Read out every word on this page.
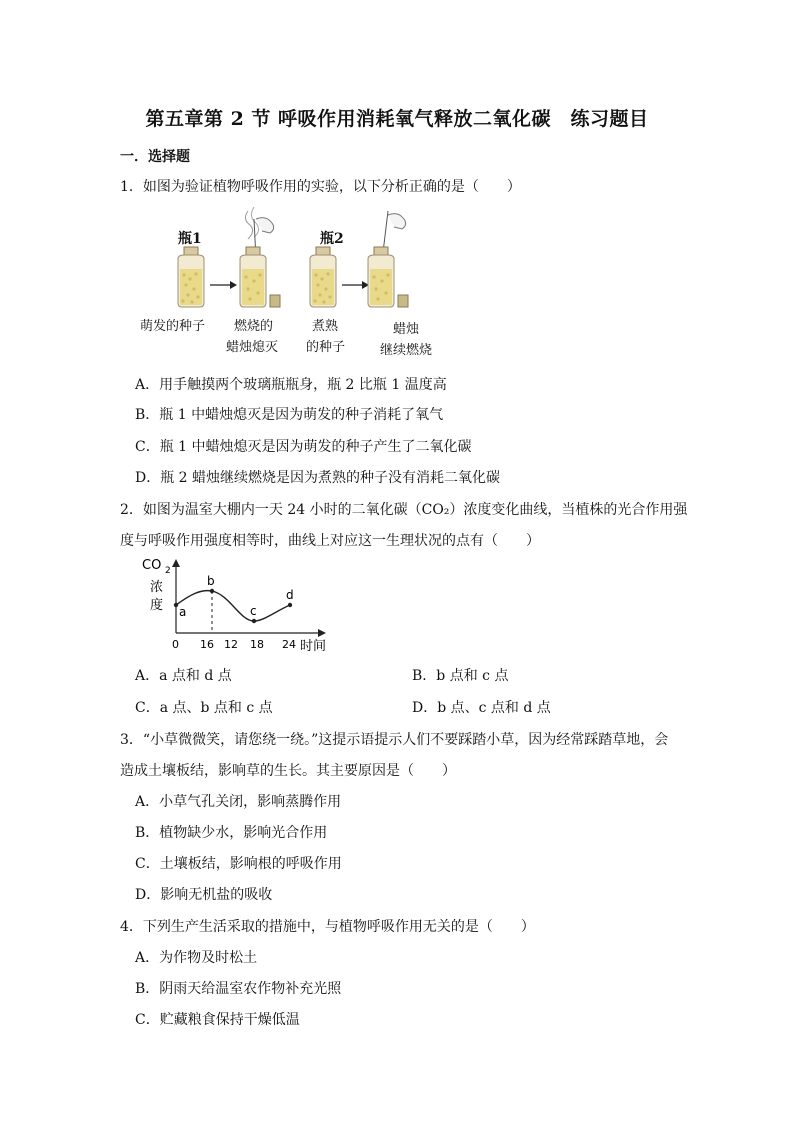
第五章第 2 节 呼吸作用消耗氧气释放二氧化碳　练习题目
一．选择题
1．如图为验证植物呼吸作用的实验，以下分析正确的是（　　）
瓶1	瓶2
萌发的种子 燃烧的
蜡烛熄灭
煮熟
的种子
蜡烛
继续燃烧
A．用手触摸两个玻璃瓶瓶身，瓶 2 比瓶 1 温度高
B．瓶 1 中蜡烛熄灭是因为萌发的种子消耗了氧气
C．瓶 1 中蜡烛熄灭是因为萌发的种子产生了二氧化碳
D．瓶 2 蜡烛继续燃烧是因为煮熟的种子没有消耗二氧化碳
2．如图为温室大棚内一天 24 小时的二氧化碳（CO₂）浓度变化曲线，当植株的光合作用强
度与呼吸作用强度相等时，曲线上对应这一生理状况的点有（　　）
CO 2
浓
度 a
b
c
d
0 16 12 18 24 时间
A．a 点和 d 点	B．b 点和 c 点
C．a 点、b 点和 c 点	D．b 点、c 点和 d 点
3．“小草微微笑，请您绕一绕。”这提示语提示人们不要踩踏小草，因为经常踩踏草地，会
造成土壤板结，影响草的生长。其主要原因是（　　）
A．小草气孔关闭，影响蒸腾作用
B．植物缺少水，影响光合作用
C．土壤板结，影响根的呼吸作用
D．影响无机盐的吸收
4．下列生产生活采取的措施中，与植物呼吸作用无关的是（　　）
A．为作物及时松土
B．阴雨天给温室农作物补充光照
C．贮藏粮食保持干燥低温
